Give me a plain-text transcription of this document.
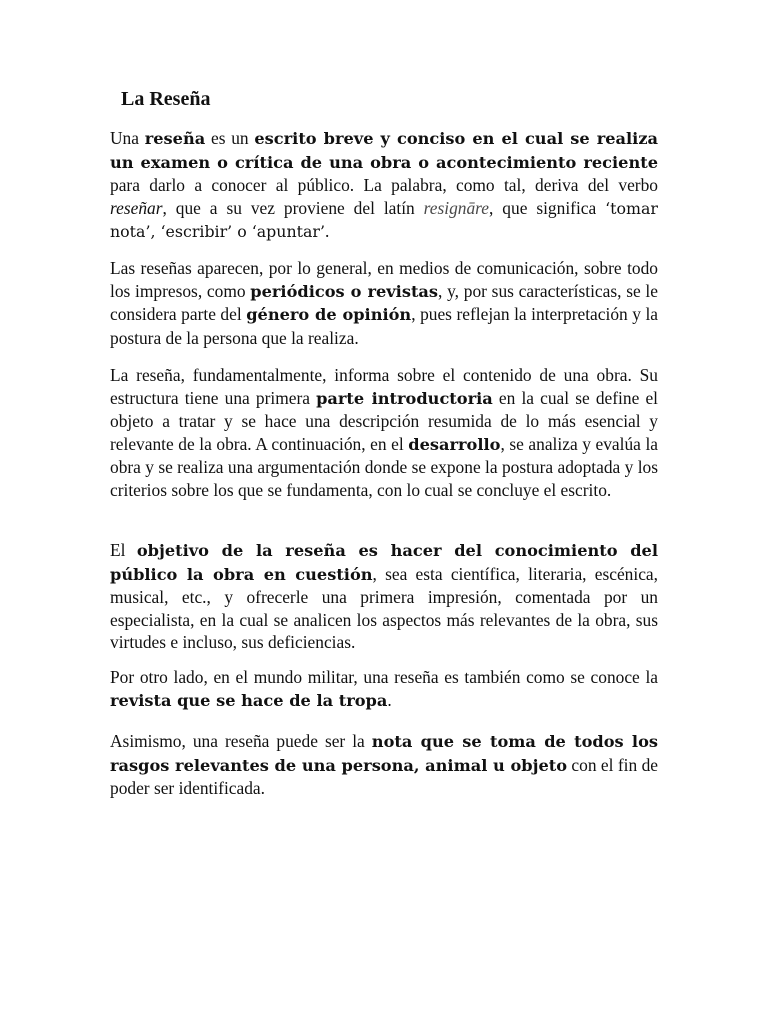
La Reseña

Una reseña es un escrito breve y conciso en el cual se realiza un examen o crítica de una obra o acontecimiento reciente para darlo a conocer al público. La palabra, como tal, deriva del verbo reseñar, que a su vez proviene del latín resignāre, que significa ‘tomar nota’, ‘escribir’ o ‘apuntar’.

Las reseñas aparecen, por lo general, en medios de comunicación, sobre todo los impresos, como periódicos o revistas, y, por sus características, se le considera parte del género de opinión, pues reflejan la interpretación y la postura de la persona que la realiza.

La reseña, fundamentalmente, informa sobre el contenido de una obra. Su estructura tiene una primera parte introductoria en la cual se define el objeto a tratar y se hace una descripción resumida de lo más esencial y relevante de la obra. A continuación, en el desarrollo, se analiza y evalúa la obra y se realiza una argumentación donde se expone la postura adoptada y los criterios sobre los que se fundamenta, con lo cual se concluye el escrito.

El objetivo de la reseña es hacer del conocimiento del público la obra en cuestión, sea esta científica, literaria, escénica, musical, etc., y ofrecerle una primera impresión, comentada por un especialista, en la cual se analicen los aspectos más relevantes de la obra, sus virtudes e incluso, sus deficiencias.

Por otro lado, en el mundo militar, una reseña es también como se conoce la revista que se hace de la tropa.

Asimismo, una reseña puede ser la nota que se toma de todos los rasgos relevantes de una persona, animal u objeto con el fin de poder ser identificada.
